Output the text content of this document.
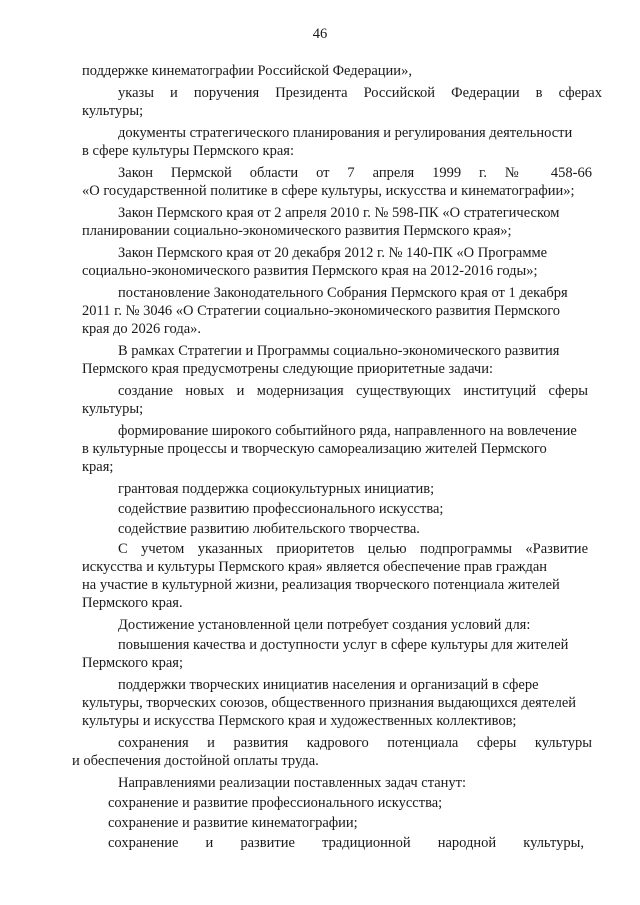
46
поддержке кинематографии Российской Федерации»,
указы и поручения Президента Российской Федерации в сферах
культуры;
документы стратегического планирования и регулирования деятельности
в сфере культуры Пермского края:
Закон Пермской области от 7 апреля 1999 г. № 458-66
«О государственной политике в сфере культуры, искусства и кинематографии»;
Закон Пермского края от 2 апреля 2010 г. № 598-ПК «О стратегическом
планировании социально-экономического развития Пермского края»;
Закон Пермского края от 20 декабря 2012 г. № 140-ПК «О Программе
социально-экономического развития Пермского края на 2012-2016 годы»;
постановление Законодательного Собрания Пермского края от 1 декабря
2011 г. № 3046 «О Стратегии социально-экономического развития Пермского
края до 2026 года».
В рамках Стратегии и Программы социально-экономического развития
Пермского края предусмотрены следующие приоритетные задачи:
создание новых и модернизация существующих институций сферы
культуры;
формирование широкого событийного ряда, направленного на вовлечение
в культурные процессы и творческую самореализацию жителей Пермского
края;
грантовая поддержка социокультурных инициатив;
содействие развитию профессионального искусства;
содействие развитию любительского творчества.
С учетом указанных приоритетов целью подпрограммы «Развитие
искусства и культуры Пермского края» является обеспечение прав граждан
на участие в культурной жизни, реализация творческого потенциала жителей
Пермского края.
Достижение установленной цели потребует создания условий для:
повышения качества и доступности услуг в сфере культуры для жителей
Пермского края;
поддержки творческих инициатив населения и организаций в сфере
культуры, творческих союзов, общественного признания выдающихся деятелей
культуры и искусства Пермского края и художественных коллективов;
сохранения и развития кадрового потенциала сферы культуры
и обеспечения достойной оплаты труда.
Направлениями реализации поставленных задач станут:
сохранение и развитие профессионального искусства;
сохранение и развитие кинематографии;
сохранение и развитие традиционной народной культуры,
